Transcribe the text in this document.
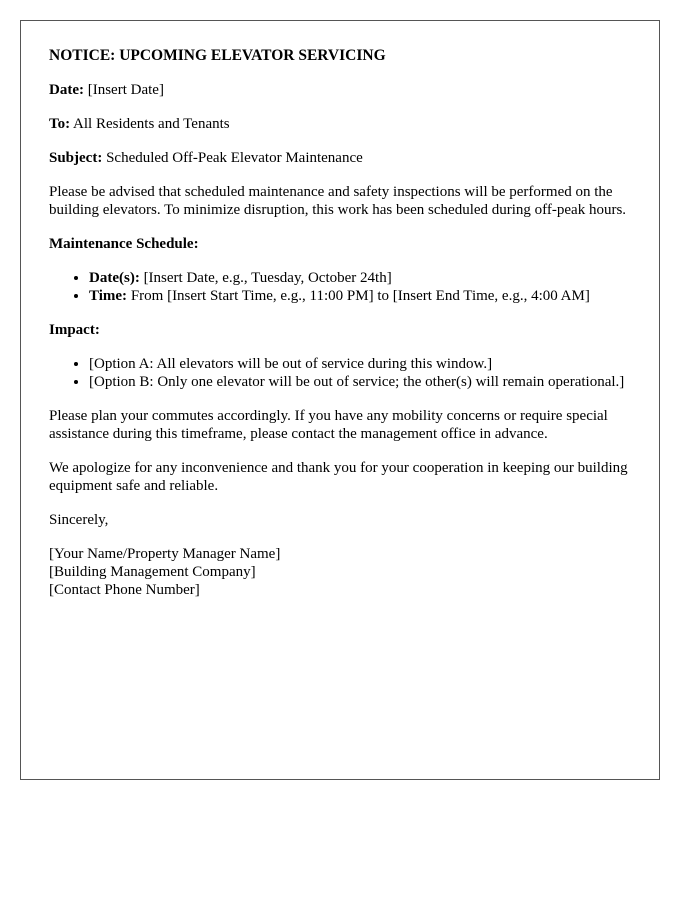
NOTICE: UPCOMING ELEVATOR SERVICING

Date: [Insert Date]

To: All Residents and Tenants

Subject: Scheduled Off-Peak Elevator Maintenance

Please be advised that scheduled maintenance and safety inspections will be performed on the building elevators. To minimize disruption, this work has been scheduled during off-peak hours.

Maintenance Schedule:

• Date(s): [Insert Date, e.g., Tuesday, October 24th]
• Time: From [Insert Start Time, e.g., 11:00 PM] to [Insert End Time, e.g., 4:00 AM]

Impact:

• [Option A: All elevators will be out of service during this window.]
• [Option B: Only one elevator will be out of service; the other(s) will remain operational.]

Please plan your commutes accordingly. If you have any mobility concerns or require special assistance during this timeframe, please contact the management office in advance.

We apologize for any inconvenience and thank you for your cooperation in keeping our building equipment safe and reliable.

Sincerely,

[Your Name/Property Manager Name]
[Building Management Company]
[Contact Phone Number]
